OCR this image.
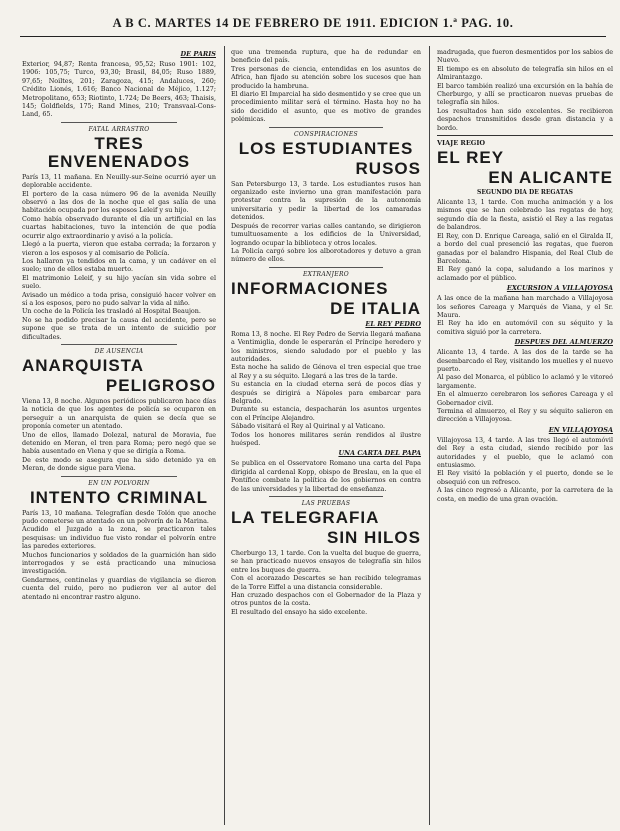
A B C. MARTES 14 DE FEBRERO DE 1911. EDICION 1.ª PAG. 10.
DE PARIS
Exterior, 94,87; Renta francesa, 95,52; Ruso 1901: 102, 1906: 105,75; Turco, 93,30; Brasil, 84,05; Ruso 1889, 97,65; Noiltes, 201; Zaragoza, 415; Andaluces, 260; Crédito Lionés, 1.616; Banco Nacional de Méjico, 1.127; Metropolitano, 653; Riotinto, 1.724; De Beers, 463; Thaisis, 145; Goldfields, 175; Rand Mines, 210; Transvaal-Cons-Land, 65.
FATAL ARRASTRO
TRES ENVENENADOS
París 13, 11 mañana. En Neuilly-sur-Seine ocurrió ayer un deplorable accidente.
El portero de la casa número 96 de la avenida Neuilly observó a las dos de la noche que el gas salía de una habitación ocupada por los esposos Leleif y su hijo.
Como había observado durante el día un artificial en las cuartas habitaciones, tuvo la intención de que podía ocurrir algo extraordinario y avisó a la policía.
Llegó a la puerta, vieron que estaba cerrada; la forzaron y vieron a los esposos y al comisario de Policía.
Los hallaron ya tendidos en la cama, y un cadáver en el suelo; uno de ellos estaba muerto.
El matrimonio Leleif, y su hijo yacían sin vida sobre el suelo.
Avisado un médico a toda prisa, consiguió hacer volver en sí a los esposos, pero no pudo salvar la vida al niño.
Un coche de la Policía les trasladó al Hospital Beaujon.
No se ha podido precisar la causa del accidente, pero se supone que se trata de un intento de suicidio por dificultades.
DE AUSENCIA
ANARQUISTA
PELIGROSO
Viena 13, 8 noche. Algunos periódicos publicaron hace días la noticia de que los agentes de policía se ocuparon en perseguir a un anarquista de quien se decía que se proponía cometer un atentado.
Uno de ellos, llamado Dolezal, natural de Moravia, fue detenido en Meran, el tren para Roma; pero negó que se había ausentado en Viena y que se dirigía a Roma.
De este modo se asegura que ha sido detenido ya en Meran, de donde sigue para Viena.
EN UN POLVORIN
INTENTO CRIMINAL
París 13, 10 mañana. Telegrafían desde Tolón que anoche pudo cometerse un atentado en un polvorín de la Marina.
Acudido el Juzgado a la zona, se practicaron tales pesquisas: un individuo fue visto rondar el polvorín entre las paredes exteriores.
Muchos funcionarios y soldados de la guarnición han sido interrogados y se está practicando una minuciosa investigación.
Gendarmes, centinelas y guardias de vigilancia se dieron cuenta del ruido, pero no pudieron ver al autor del atentado ni encontrar rastro alguno.
que una tremenda ruptura, que ha de redundar en beneficio del país.
Tres personas de ciencia, entendidas en los asuntos de Africa, han fijado su atención sobre los sucesos que han producido la hambruna.
El diario El Imparcial ha sido desmentido y se cree que un procedimiento militar será el término. Hasta hoy no ha sido decidido el asunto, que es motivo de grandes polémicas.
CONSPIRACIONES
LOS ESTUDIANTES
RUSOS
San Petersburgo 13, 3 tarde. Los estudiantes rusos han organizado este invierno una gran manifestación para protestar contra la supresión de la autonomía universitaria y pedir la libertad de los camaradas detenidos.
Después de recorrer varias calles cantando, se dirigieron tumultuosamente a los edificios de la Universidad, logrando ocupar la biblioteca y otros locales.
La Policía cargó sobre los alborotadores y detuvo a gran número de ellos.
EXTRANJERO
INFORMACIONES
DE ITALIA
EL REY PEDRO
Roma 13, 8 noche. El Rey Pedro de Servia llegará mañana a Ventimiglia, donde le esperarán el Príncipe heredero y los ministros, siendo saludado por el pueblo y las autoridades.
Esta noche ha salido de Génova el tren especial que trae al Rey y a su séquito. Llegará a las tres de la tarde.
Su estancia en la ciudad eterna será de pocos días y después se dirigirá a Nápoles para embarcar para Belgrado.
Durante su estancia, despacharán los asuntos urgentes con el Príncipe Alejandro.
Sábado visitará el Rey al Quirinal y al Vaticano.
Todos los honores militares serán rendidos al ilustre huésped.
UNA CARTA DEL PAPA
Se publica en el Osservatore Romano una carta del Papa dirigida al cardenal Kopp, obispo de Breslau, en la que el Pontífice combate la política de los gobiernos en contra de las universidades y la libertad de enseñanza.
LAS PRUEBAS
LA TELEGRAFIA
SIN HILOS
Cherburgo 13, 1 tarde. Con la vuelta del buque de guerra, se han practicado nuevos ensayos de telegrafía sin hilos entre los buques de guerra.
Con el acorazado Descartes se han recibido telegramas de la Torre Eiffel a una distancia considerable.
Han cruzado despachos con el Gobernador de la Plaza y otros puntos de la costa.
El resultado del ensayo ha sido excelente.
madrugada, que fueron desmentidos por los sabios de Nuevo.
El tiempo es en absoluto de telegrafía sin hilos en el Almirantazgo.
El barco también realizó una excursión en la bahía de Cherburgo, y allí se practicaron nuevas pruebas de telegrafía sin hilos.
Los resultados han sido excelentes. Se recibieron despachos transmitidos desde gran distancia y a bordo.
VIAJE REGIO
EL REY
EN ALICANTE
SEGUNDO DIA DE REGATAS
Alicante 13, 1 tarde. Con mucha animación y a los mismos que se han celebrado las regatas de hoy, segundo día de la fiesta, asistió el Rey a las regatas de balandros.
El Rey, con D. Enrique Careaga, salió en el Giralda II, a bordo del cual presenció las regatas, que fueron ganadas por el balandro Hispania, del Real Club de Barcelona.
El Rey ganó la copa, saludando a los marinos y aclamado por el público.
EXCURSION A VILLAJOYOSA
A las once de la mañana han marchado a Villajoyosa los señores Careaga y Marqués de Viana, y el Sr. Maura.
El Rey ha ido en automóvil con su séquito y la comitiva siguió por la carretera.
DESPUES DEL ALMUERZO
Alicante 13, 4 tarde. A las dos de la tarde se ha desembarcado el Rey, visitando los muelles y el nuevo puerto.
Al paso del Monarca, el público lo aclamó y le vitoreó largamente.
En el almuerzo cerebraron los señores Careaga y el Gobernador civil.
Termina el almuerzo, el Rey y su séquito salieron en dirección a Villajoyosa.
EN VILLAJOYOSA
Villajoyosa 13, 4 tarde. A las tres llegó el automóvil del Rey a esta ciudad, siendo recibido por las autoridades y el pueblo, que le aclamó con entusiasmo.
El Rey visitó la población y el puerto, donde se le obsequió con un refresco.
A las cinco regresó a Alicante, por la carretera de la costa, en medio de una gran ovación.
